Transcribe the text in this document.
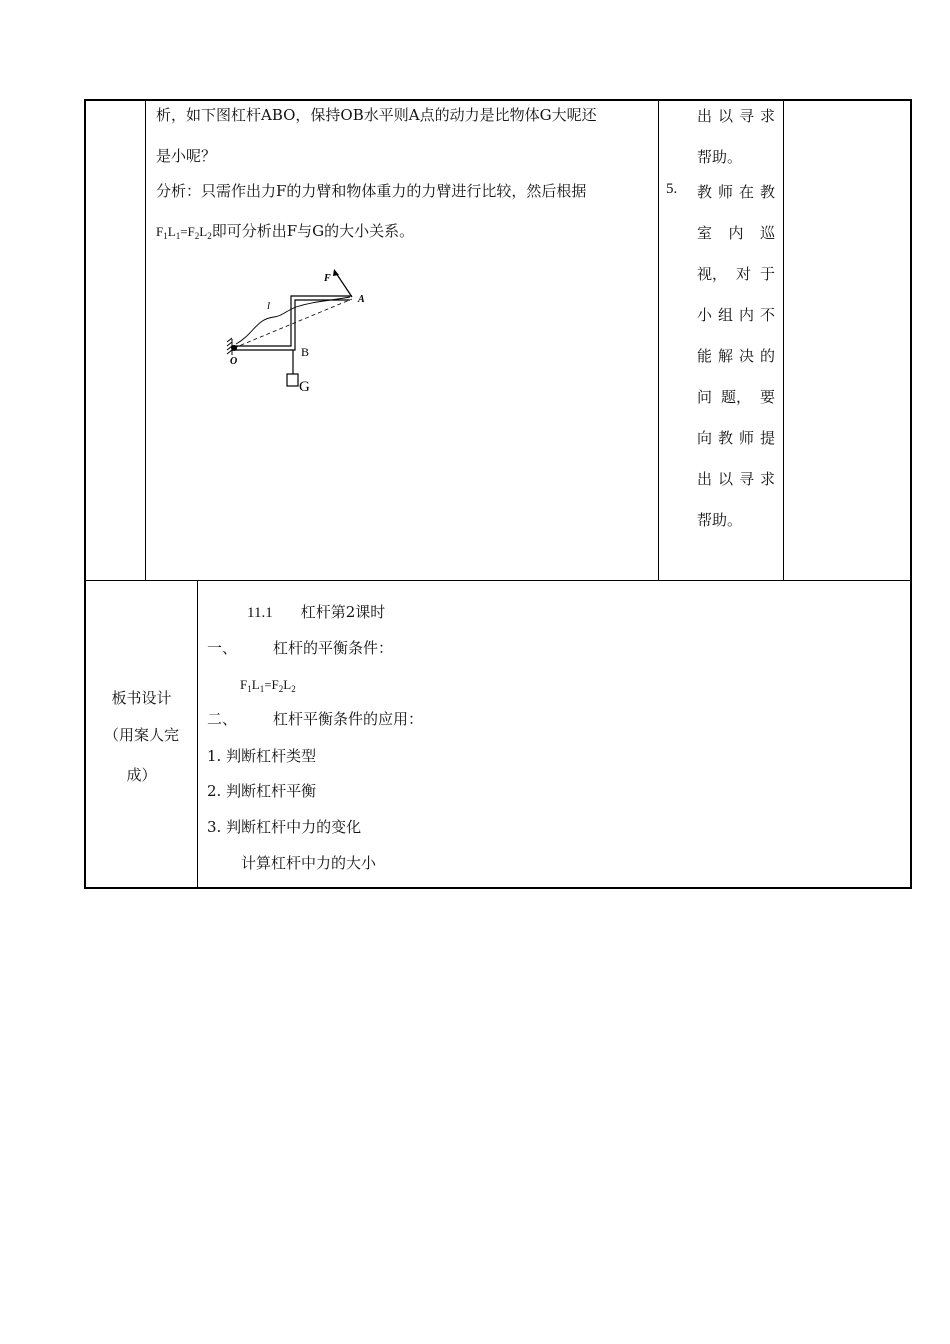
析，如下图杠杆ABO，保持OB水平则A点的动力是比物体G大呢还
是小呢？
分析：只需作出力F的力臂和物体重力的力臂进行比较，然后根据
$F_1L_1=F_2L_2$即可分析出F与G的大小关系。
F
A
l
O
B
G
出 以 寻 求
帮助。
5. 教 师 在 教
室 内 巡
视， 对 于
小 组 内 不
能 解 决 的
问 题， 要
向 教 师 提
出 以 寻 求
帮助。
板书设计
（用案人完
成）
11.1 杠杆第2课时
一、 杠杆的平衡条件：
$F_1L_1=F_2L_2$
二、 杠杆平衡条件的应用：
1. 判断杠杆类型
2. 判断杠杆平衡
3. 判断杠杆中力的变化
计算杠杆中力的大小
